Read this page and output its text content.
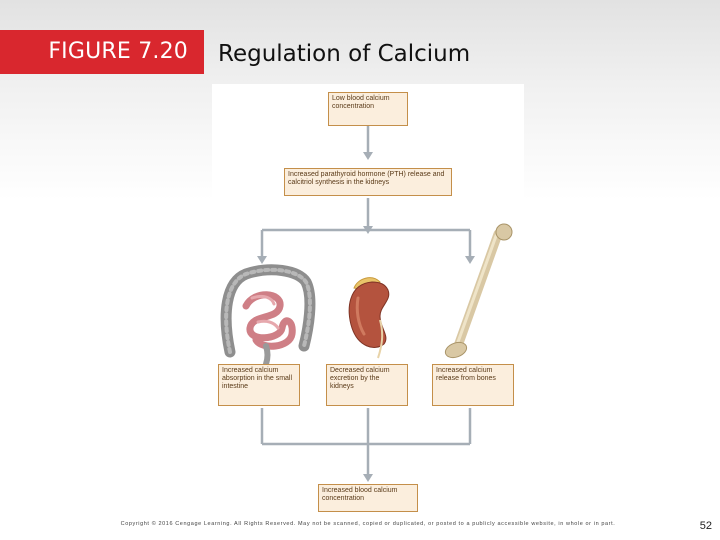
FIGURE 7.20	Regulation of Calcium
Low blood calcium concentration
Increased parathyroid hormone (PTH) release and calcitriol synthesis in the kidneys
Increased calcium absorption in the small intestine
Decreased calcium excretion by the kidneys
Increased calcium release from bones
Increased blood calcium concentration
Copyright © 2016 Cengage Learning. All Rights Reserved. May not be scanned, copied or duplicated, or posted to a publicly accessible website, in whole or in part.	52
